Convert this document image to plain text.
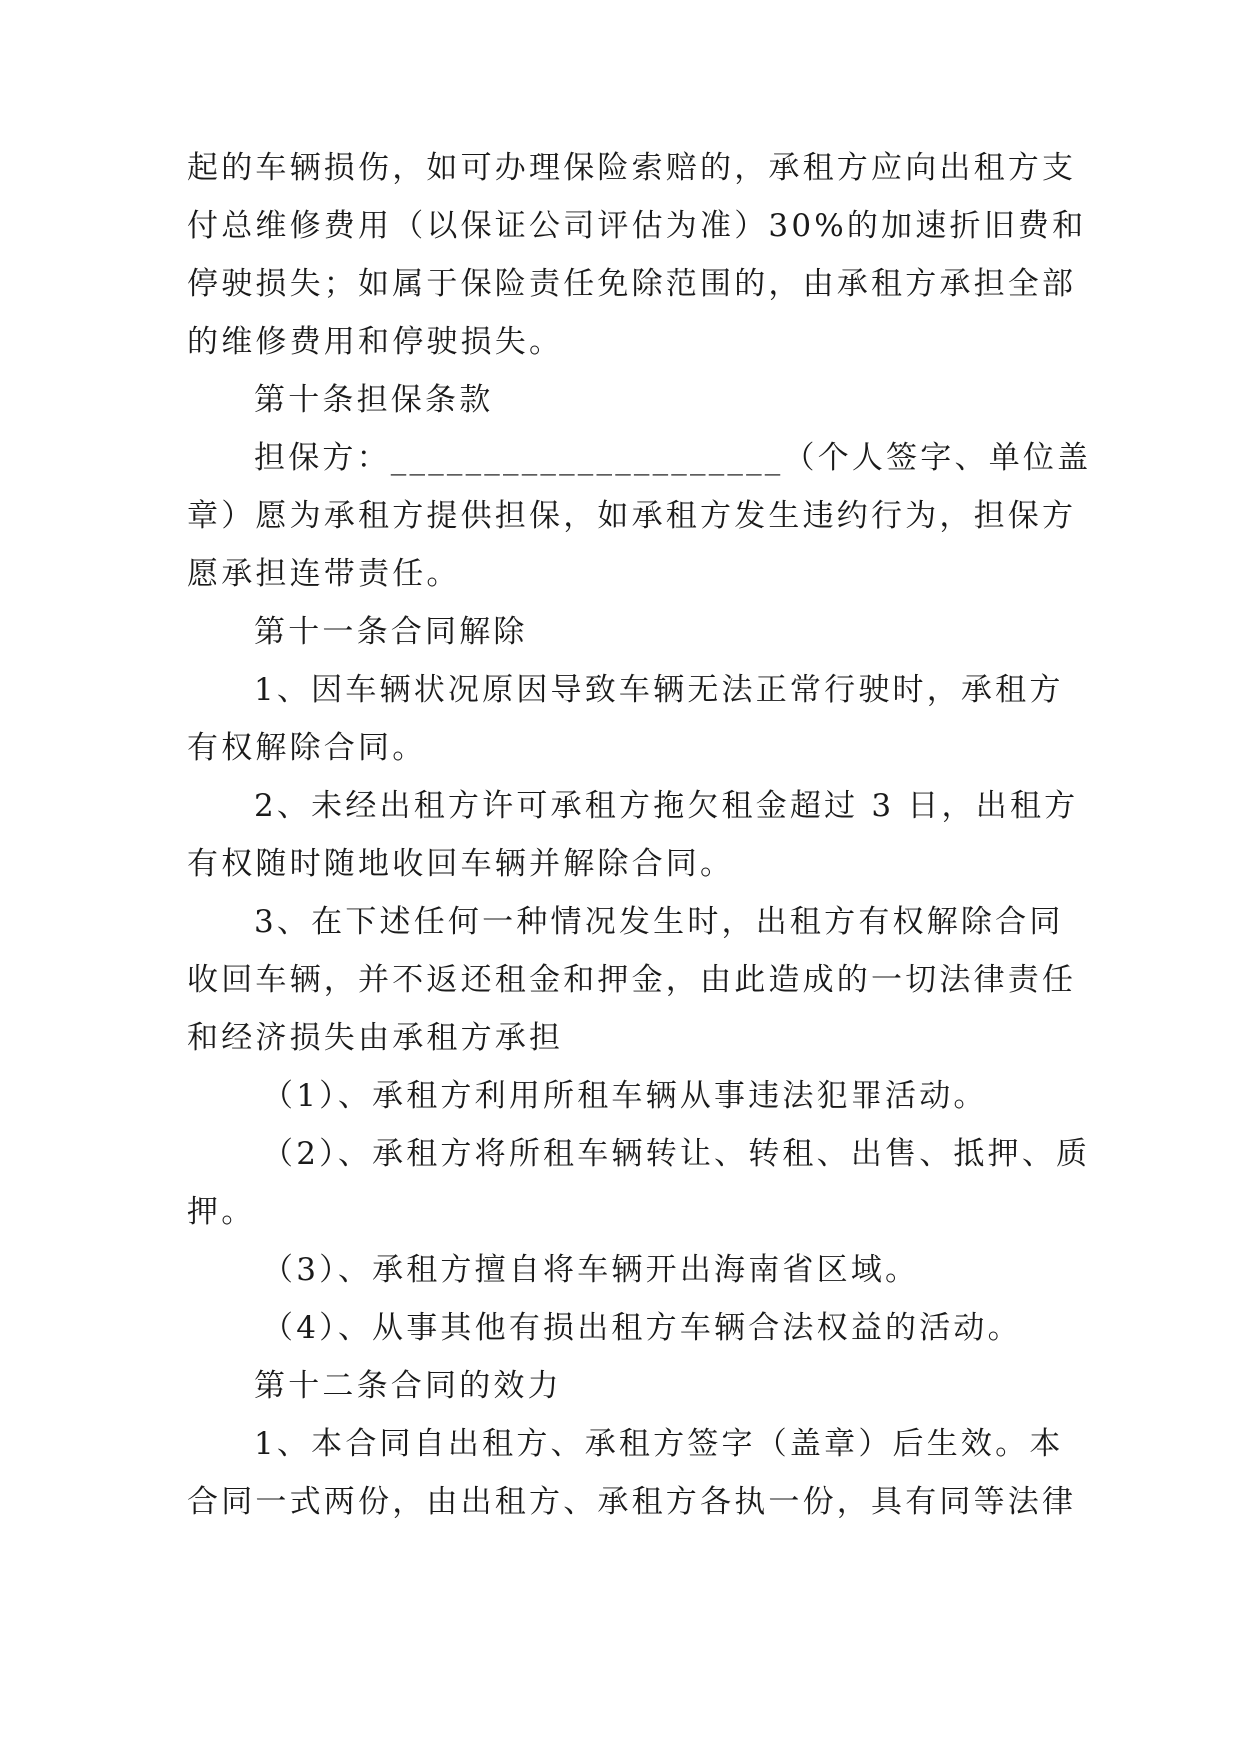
起的车辆损伤，如可办理保险索赔的，承租方应向出租方支
付总维修费用（以保证公司评估为准）30%的加速折旧费和
停驶损失；如属于保险责任免除范围的，由承租方承担全部
的维修费用和停驶损失。
第十条担保条款
担保方：_____________________（个人签字、单位盖
章）愿为承租方提供担保，如承租方发生违约行为，担保方
愿承担连带责任。
第十一条合同解除
1、因车辆状况原因导致车辆无法正常行驶时，承租方
有权解除合同。
2、未经出租方许可承租方拖欠租金超过 3 日，出租方
有权随时随地收回车辆并解除合同。
3、在下述任何一种情况发生时，出租方有权解除合同
收回车辆，并不返还租金和押金，由此造成的一切法律责任
和经济损失由承租方承担
（1）、承租方利用所租车辆从事违法犯罪活动。
（2）、承租方将所租车辆转让、转租、出售、抵押、质
押。
（3）、承租方擅自将车辆开出海南省区域。
（4）、从事其他有损出租方车辆合法权益的活动。
第十二条合同的效力
1、本合同自出租方、承租方签字（盖章）后生效。本
合同一式两份，由出租方、承租方各执一份，具有同等法律
